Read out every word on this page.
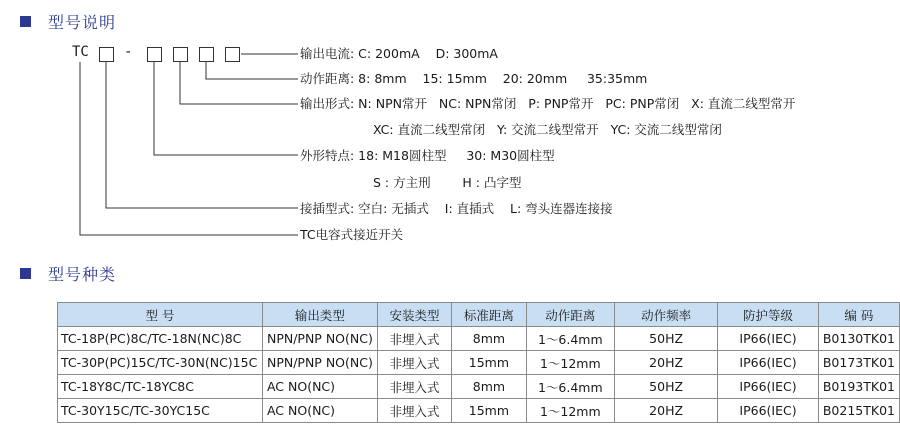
型号说明
TC	-	输出电流: C: 200mA    D: 300mA
动作距离: 8: 8mm    15: 15mm    20: 20mm     35:35mm
输出形式: N: NPN常开   NC: NPN常闭   P: PNP常开   PC: PNP常闭   X: 直流二线型常开
XC: 直流二线型常闭   Y: 交流二线型常开   YC: 交流二线型常闭
外形特点: 18: M18圆柱型     30: M30圆柱型
S : 方主刑        H : 凸字型
接插型式: 空白: 无插式    I: 直插式    L: 弯头连器连接接
TC电容式接近开关
型号种类
型 号	输出类型	安装类型	标准距离	动作距离	动作频率	防护等级	编 码
TC-18P(PC)8C/TC-18N(NC)8C	NPN/PNP NO(NC)	非埋入式	8mm	1～6.4mm	50HZ	IP66(IEC)	B0130TK01
TC-30P(PC)15C/TC-30N(NC)15C	NPN/PNP NO(NC)	非埋入式	15mm	1～12mm	20HZ	IP66(IEC)	B0173TK01
TC-18Y8C/TC-18YC8C	AC NO(NC)	非埋入式	8mm	1～6.4mm	50HZ	IP66(IEC)	B0193TK01
TC-30Y15C/TC-30YC15C	AC NO(NC)	非埋入式	15mm	1～12mm	20HZ	IP66(IEC)	B0215TK01
